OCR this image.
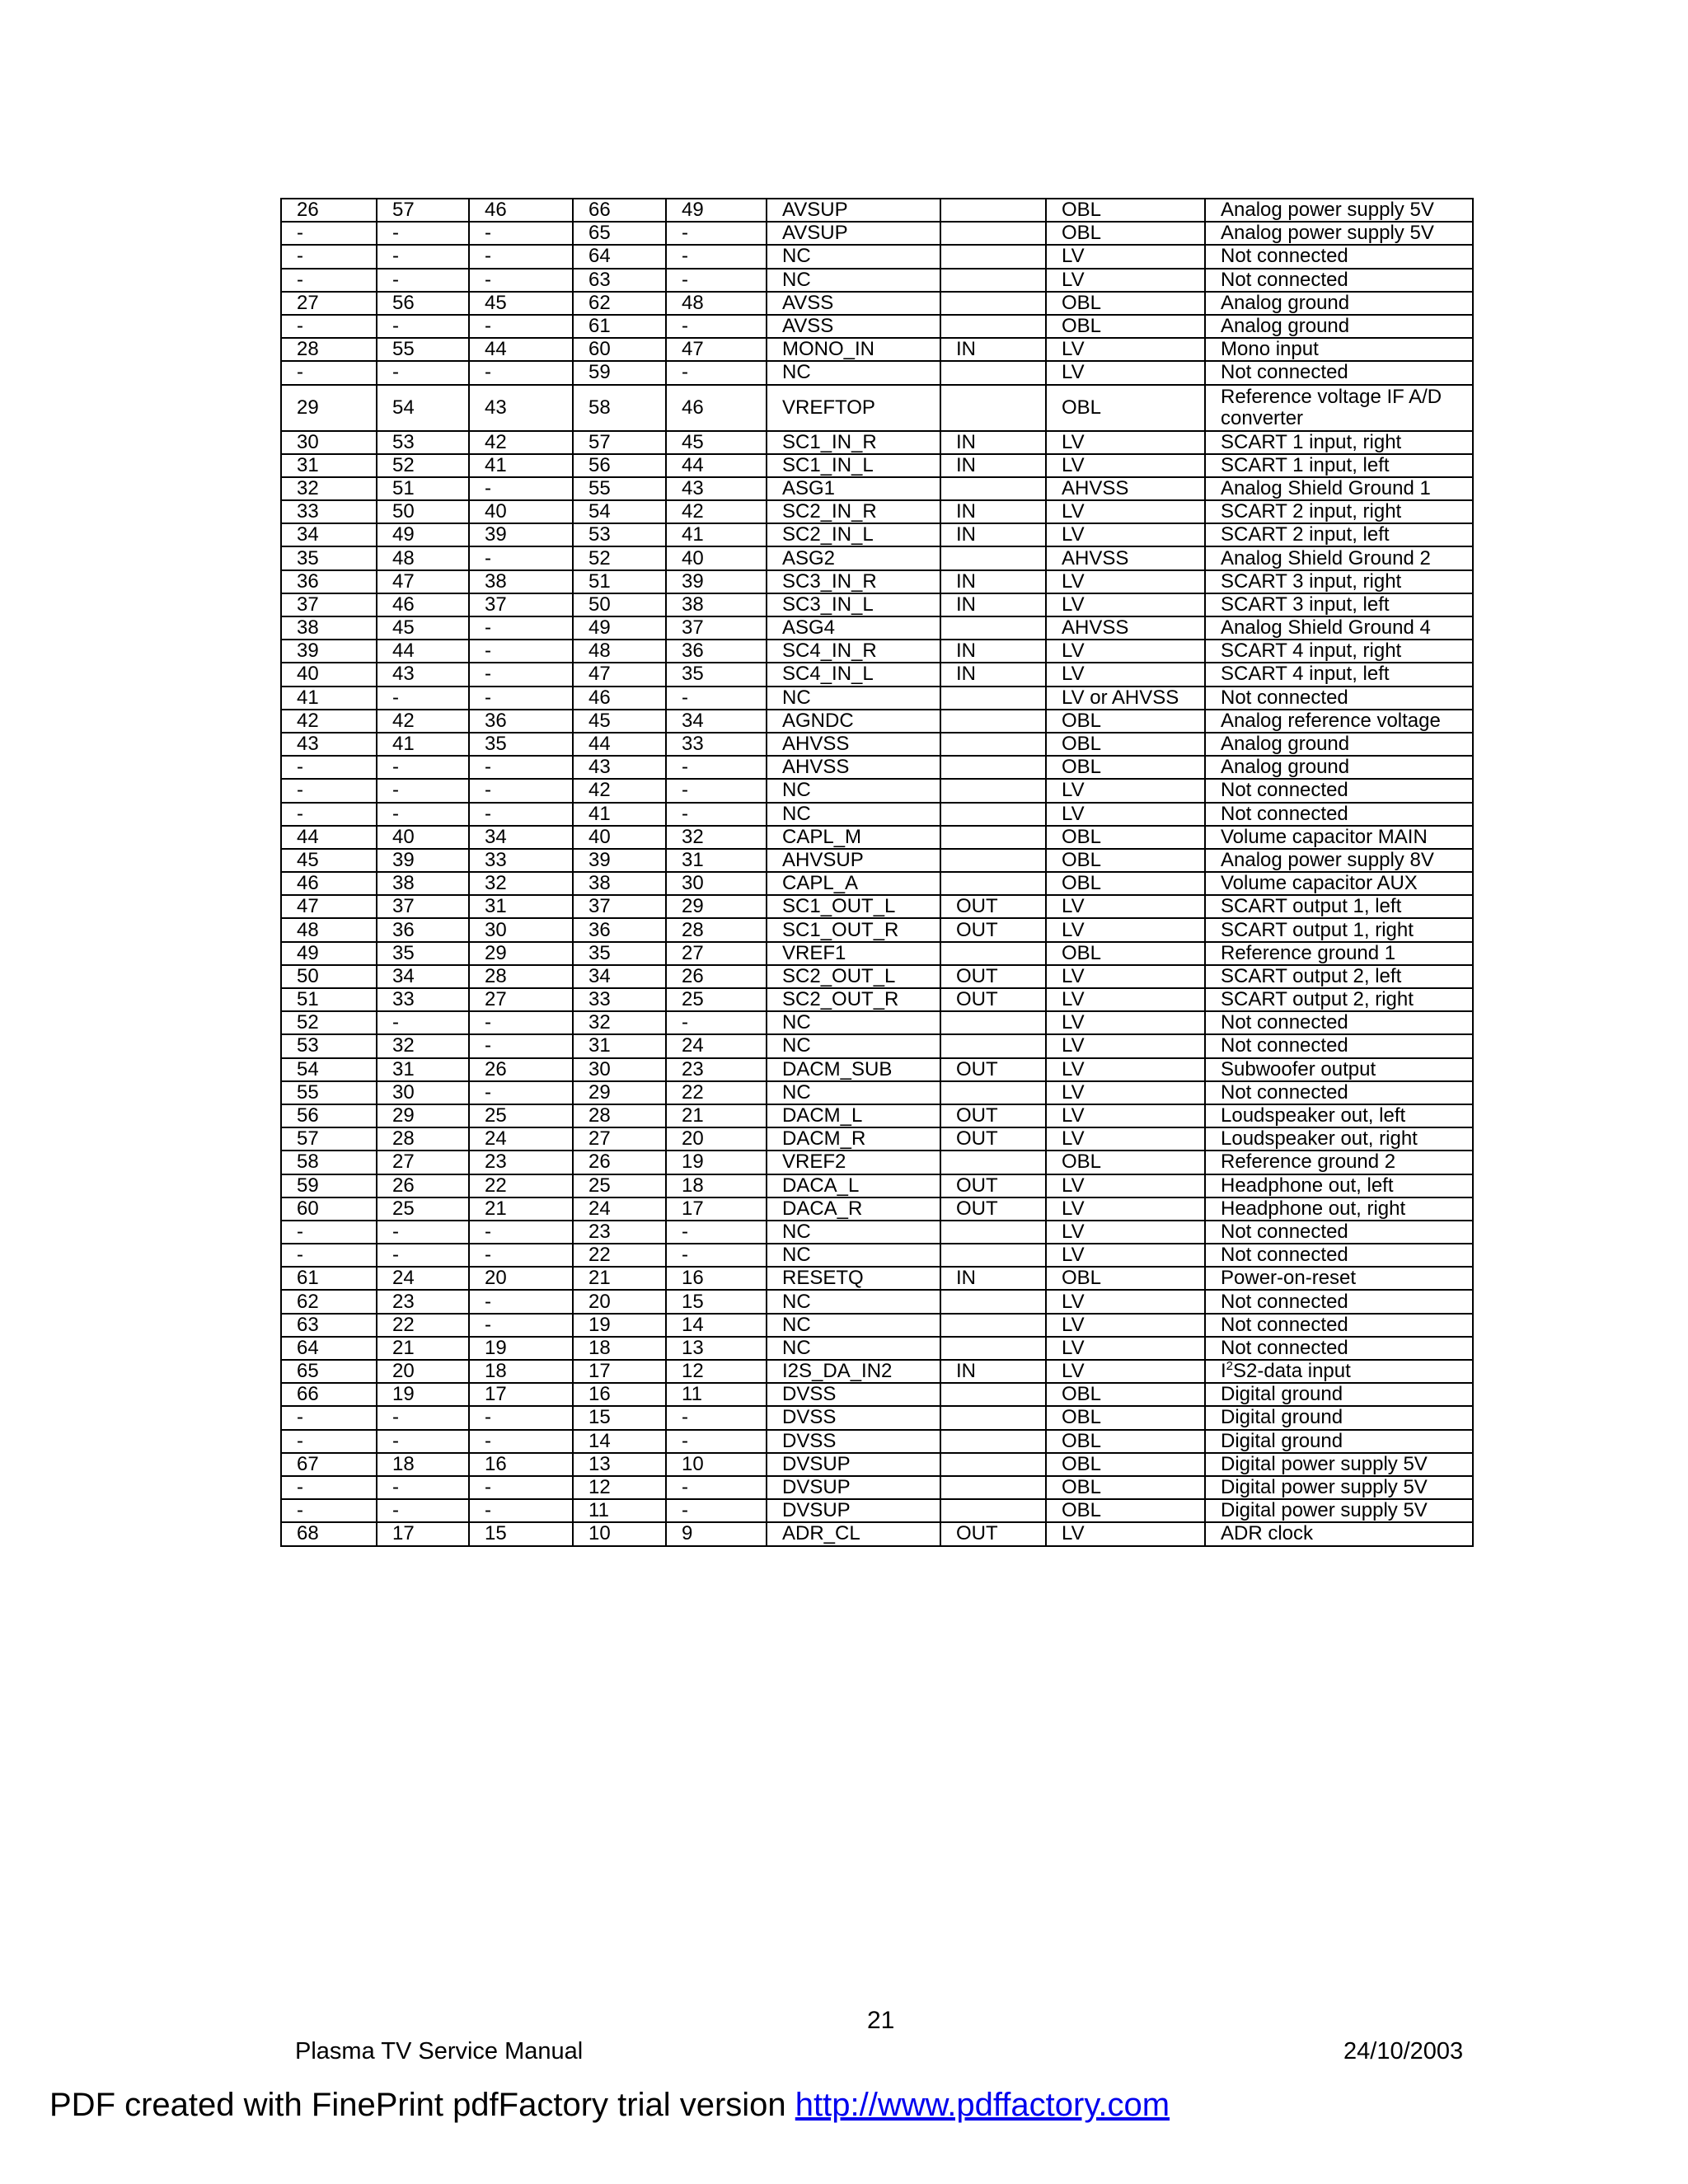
26	57	46	66	49	AVSUP		OBL	Analog power supply 5V
-	-	-	65	-	AVSUP		OBL	Analog power supply 5V
-	-	-	64	-	NC		LV	Not connected
-	-	-	63	-	NC		LV	Not connected
27	56	45	62	48	AVSS		OBL	Analog ground
-	-	-	61	-	AVSS		OBL	Analog ground
28	55	44	60	47	MONO_IN	IN	LV	Mono input
-	-	-	59	-	NC		LV	Not connected
29	54	43	58	46	VREFTOP		OBL	Reference voltage IF A/D converter
30	53	42	57	45	SC1_IN_R	IN	LV	SCART 1 input, right
31	52	41	56	44	SC1_IN_L	IN	LV	SCART 1 input, left
32	51	-	55	43	ASG1		AHVSS	Analog Shield Ground 1
33	50	40	54	42	SC2_IN_R	IN	LV	SCART 2 input, right
34	49	39	53	41	SC2_IN_L	IN	LV	SCART 2 input, left
35	48	-	52	40	ASG2		AHVSS	Analog Shield Ground 2
36	47	38	51	39	SC3_IN_R	IN	LV	SCART 3 input, right
37	46	37	50	38	SC3_IN_L	IN	LV	SCART 3 input, left
38	45	-	49	37	ASG4		AHVSS	Analog Shield Ground 4
39	44	-	48	36	SC4_IN_R	IN	LV	SCART 4 input, right
40	43	-	47	35	SC4_IN_L	IN	LV	SCART 4 input, left
41	-	-	46	-	NC		LV or AHVSS	Not connected
42	42	36	45	34	AGNDC		OBL	Analog reference voltage
43	41	35	44	33	AHVSS		OBL	Analog ground
-	-	-	43	-	AHVSS		OBL	Analog ground
-	-	-	42	-	NC		LV	Not connected
-	-	-	41	-	NC		LV	Not connected
44	40	34	40	32	CAPL_M		OBL	Volume capacitor MAIN
45	39	33	39	31	AHVSUP		OBL	Analog power supply 8V
46	38	32	38	30	CAPL_A		OBL	Volume capacitor AUX
47	37	31	37	29	SC1_OUT_L	OUT	LV	SCART output 1, left
48	36	30	36	28	SC1_OUT_R	OUT	LV	SCART output 1, right
49	35	29	35	27	VREF1		OBL	Reference ground 1
50	34	28	34	26	SC2_OUT_L	OUT	LV	SCART output 2, left
51	33	27	33	25	SC2_OUT_R	OUT	LV	SCART output 2, right
52	-	-	32	-	NC		LV	Not connected
53	32	-	31	24	NC		LV	Not connected
54	31	26	30	23	DACM_SUB	OUT	LV	Subwoofer output
55	30	-	29	22	NC		LV	Not connected
56	29	25	28	21	DACM_L	OUT	LV	Loudspeaker out, left
57	28	24	27	20	DACM_R	OUT	LV	Loudspeaker out, right
58	27	23	26	19	VREF2		OBL	Reference ground 2
59	26	22	25	18	DACA_L	OUT	LV	Headphone out, left
60	25	21	24	17	DACA_R	OUT	LV	Headphone out, right
-	-	-	23	-	NC		LV	Not connected
-	-	-	22	-	NC		LV	Not connected
61	24	20	21	16	RESETQ	IN	OBL	Power-on-reset
62	23	-	20	15	NC		LV	Not connected
63	22	-	19	14	NC		LV	Not connected
64	21	19	18	13	NC		LV	Not connected
65	20	18	17	12	I2S_DA_IN2	IN	LV	$I^2S2$-data input
66	19	17	16	11	DVSS		OBL	Digital ground
-	-	-	15	-	DVSS		OBL	Digital ground
-	-	-	14	-	DVSS		OBL	Digital ground
67	18	16	13	10	DVSUP		OBL	Digital power supply 5V
-	-	-	12	-	DVSUP		OBL	Digital power supply 5V
-	-	-	11	-	DVSUP		OBL	Digital power supply 5V
68	17	15	10	9	ADR_CL	OUT	LV	ADR clock
21
Plasma TV Service Manual	24/10/2003
PDF created with FinePrint pdfFactory trial version http://www.pdffactory.com
